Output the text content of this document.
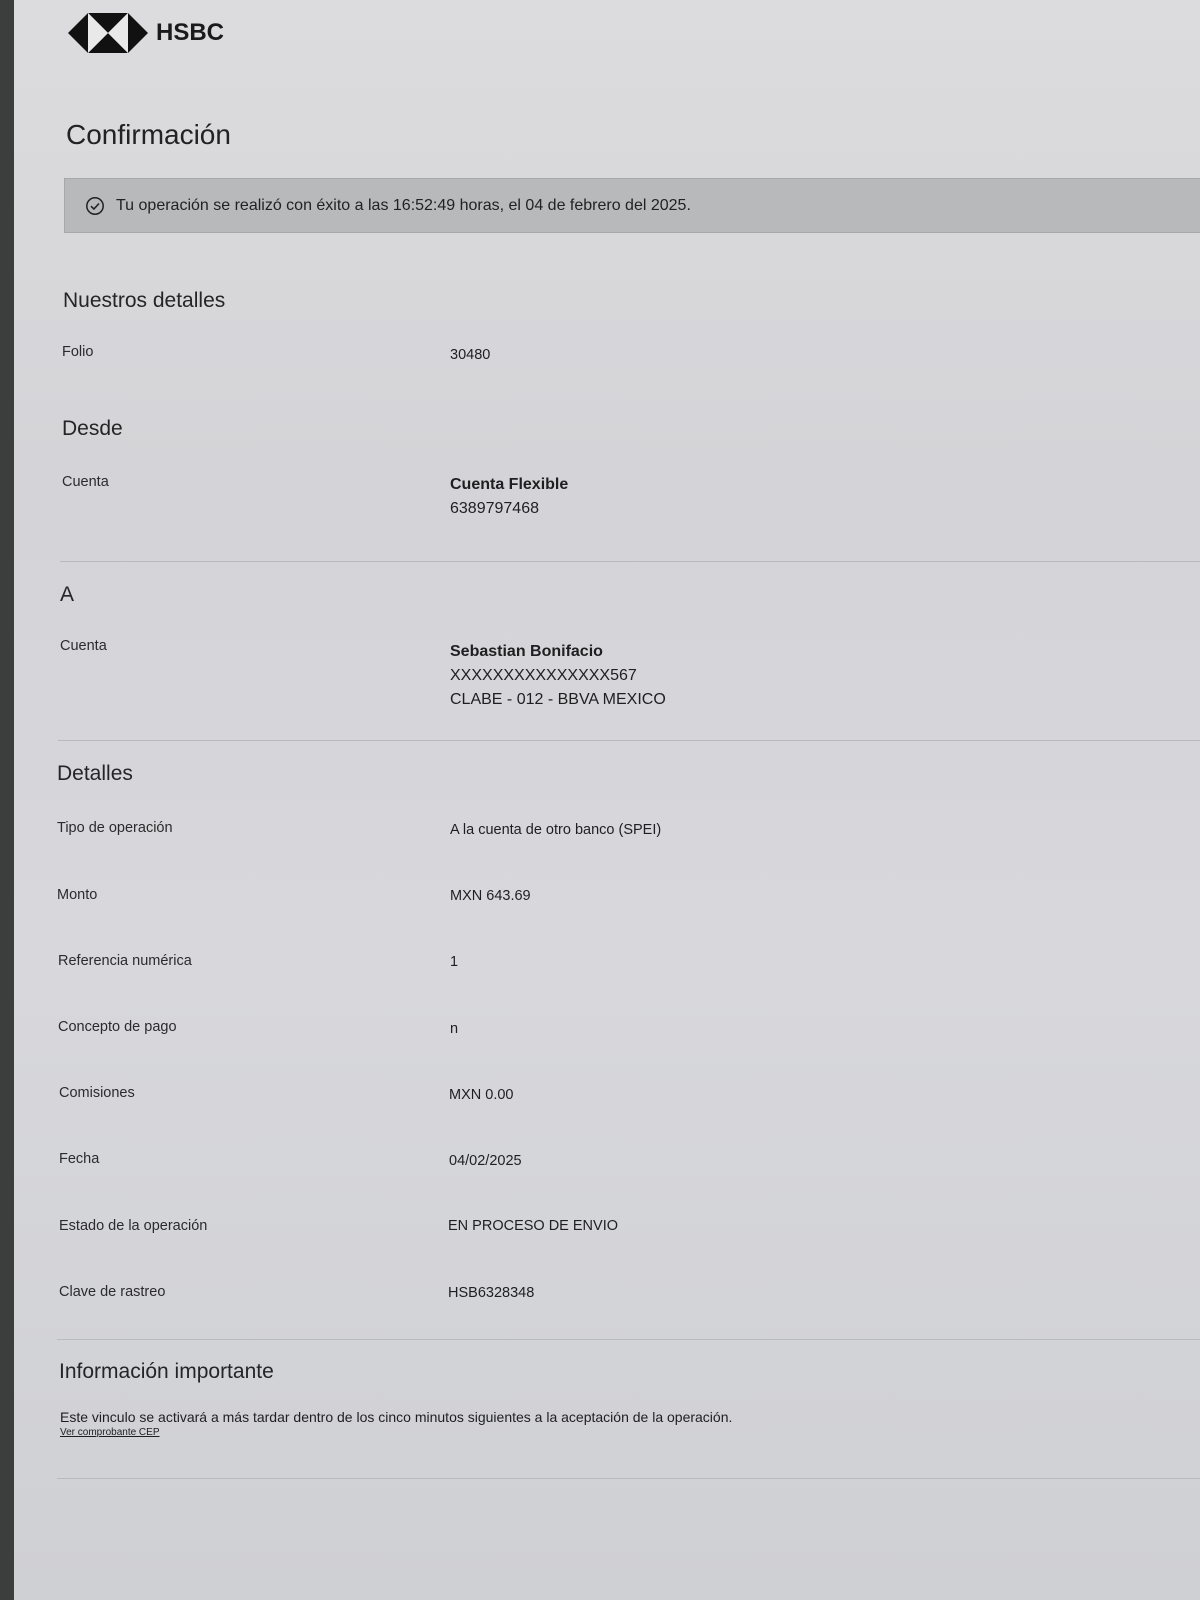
HSBC
Confirmación
Tu operación se realizó con éxito a las 16:52:49 horas, el 04 de febrero del 2025.
Nuestros detalles
Folio	30480
Desde
Cuenta	Cuenta Flexible
6389797468
A
Cuenta	Sebastian Bonifacio
XXXXXXXXXXXXXXX567
CLABE - 012 - BBVA MEXICO
Detalles
Tipo de operación	A la cuenta de otro banco (SPEI)
Monto	MXN 643.69
Referencia numérica	1
Concepto de pago	n
Comisiones	MXN 0.00
Fecha	04/02/2025
Estado de la operación	EN PROCESO DE ENVIO
Clave de rastreo	HSB6328348
Información importante
Este vinculo se activará a más tardar dentro de los cinco minutos siguientes a la aceptación de la operación.
Ver comprobante CEP
